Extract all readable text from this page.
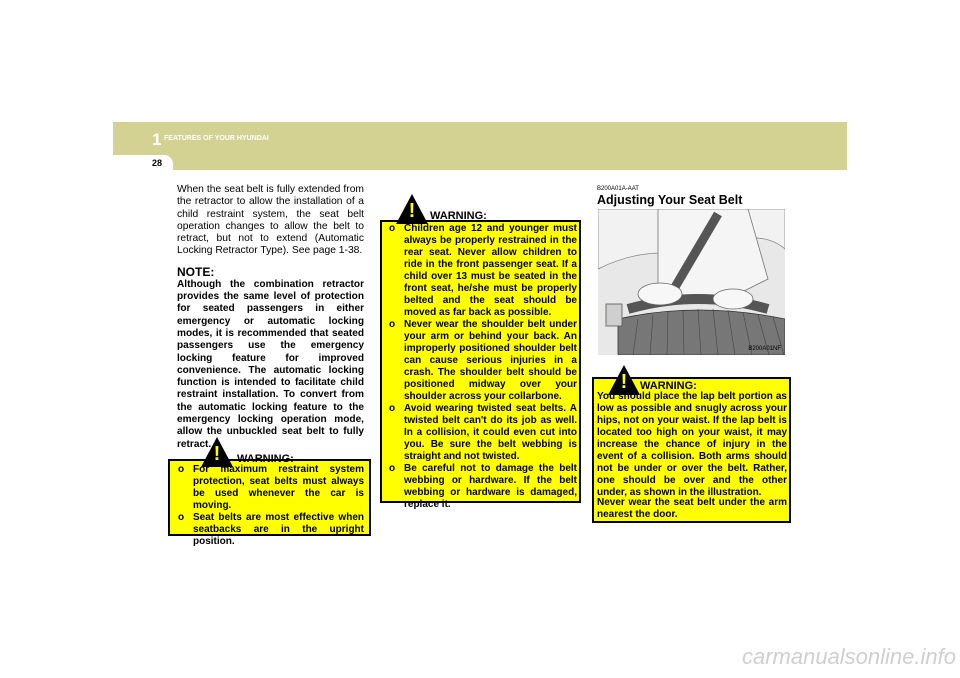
1 FEATURES OF YOUR HYUNDAI
28
When the seat belt is fully extended from the retractor to allow the installation of a child restraint system, the seat belt operation changes to allow the belt to retract, but not to extend (Automatic Locking Retractor Type). See page 1-38.
NOTE:

Although the combination retractor provides the same level of protection for seated passengers in either emergency or automatic locking modes, it is recommended that seated passengers use the emergency locking feature for improved convenience. The automatic locking function is intended to facilitate child restraint installation. To convert from the automatic locking feature to the emergency locking operation mode, allow the unbuckled seat belt to fully retract. ! WARNING:
o For maximum restraint system protection, seat belts must always be used whenever the car is moving.
o Seat belts are most effective when seatbacks are in the upright position.
! WARNING:
o Children age 12 and younger must always be properly restrained in the rear seat. Never allow children to ride in the front passenger seat. If a child over 13 must be seated in the front seat, he/she must be properly belted and the seat should be moved as far back as possible.
o Never wear the shoulder belt under your arm or behind your back. An improperly positioned shoulder belt can cause serious injuries in a crash. The shoulder belt should be positioned midway over your shoulder across your collarbone.
o Avoid wearing twisted seat belts. A twisted belt can't do its job as well. In a collision, it could even cut into you. Be sure the belt webbing is straight and not twisted.
o Be careful not to damage the belt webbing or hardware. If the belt webbing or hardware is damaged, replace it.
B200A01A-AAT
Adjusting Your Seat Belt
B200A01NF
! WARNING:

You should place the lap belt portion as low as possible and snugly across your hips, not on your waist. If the lap belt is located too high on your waist, it may increase the chance of injury in the event of a collision. Both arms should not be under or over the belt. Rather, one should be over and the other under, as shown in the illustration.

Never wear the seat belt under the arm nearest the door.

carmanualsonline.info
